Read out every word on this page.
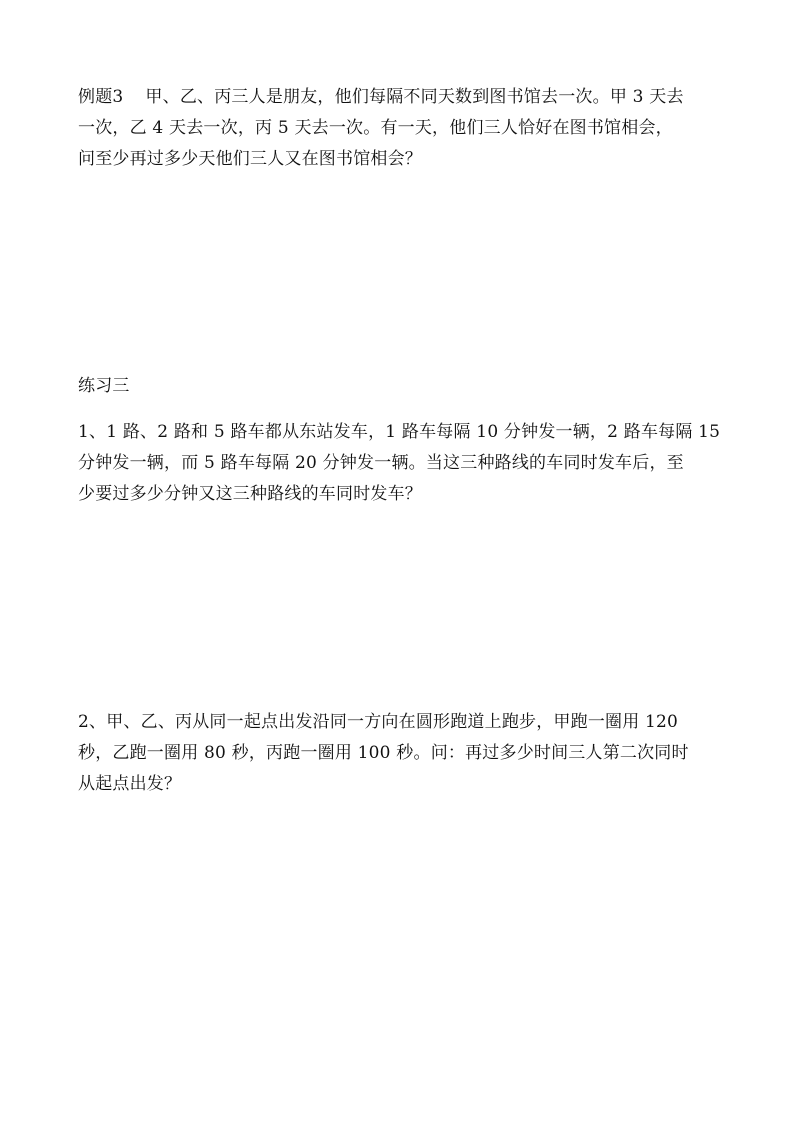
例题3 甲、乙、丙三人是朋友，他们每隔不同天数到图书馆去一次。甲 3 天去
一次，乙 4 天去一次，丙 5 天去一次。有一天，他们三人恰好在图书馆相会，
问至少再过多少天他们三人又在图书馆相会？
练习三
1、1 路、2 路和 5 路车都从东站发车，1 路车每隔 10 分钟发一辆，2 路车每隔 15
分钟发一辆，而 5 路车每隔 20 分钟发一辆。当这三种路线的车同时发车后，至
少要过多少分钟又这三种路线的车同时发车？
2、甲、乙、丙从同一起点出发沿同一方向在圆形跑道上跑步，甲跑一圈用 120
秒，乙跑一圈用 80 秒，丙跑一圈用 100 秒。问：再过多少时间三人第二次同时
从起点出发？
